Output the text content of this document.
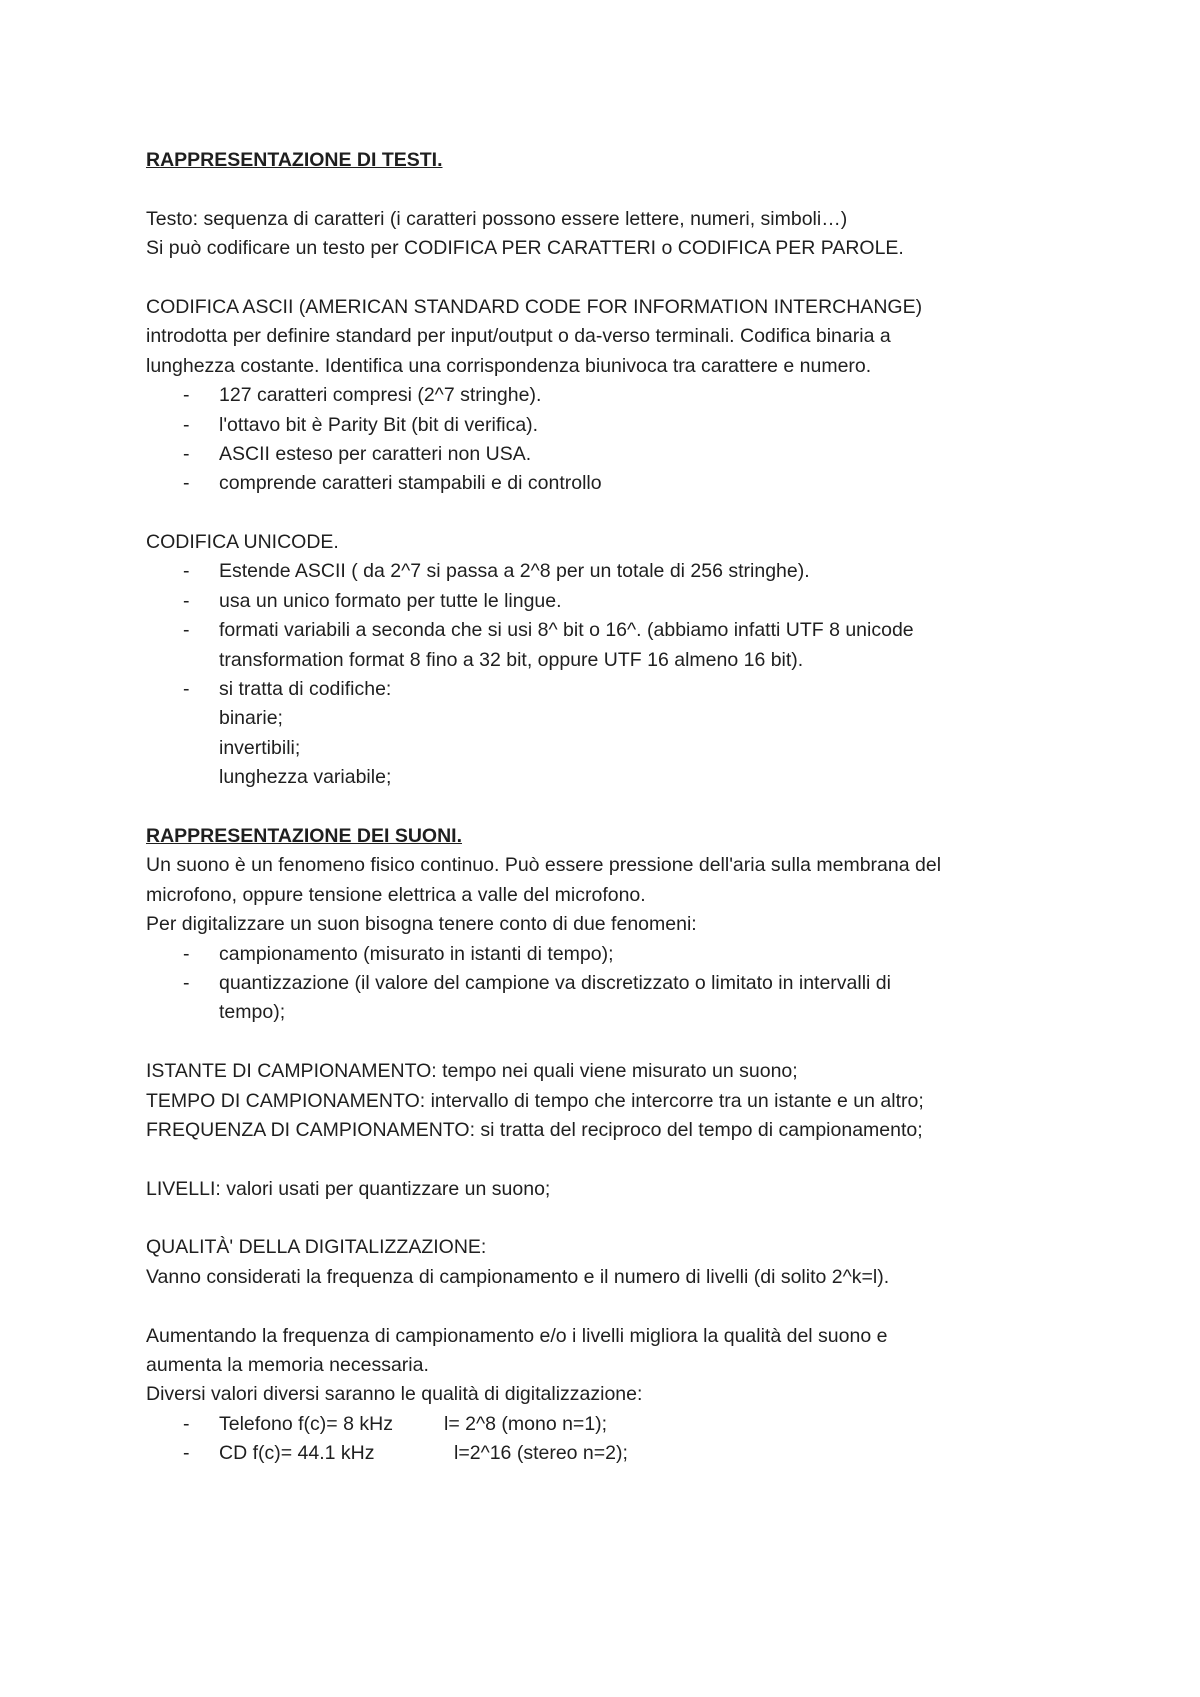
RAPPRESENTAZIONE DI TESTI.
Testo: sequenza di caratteri (i caratteri possono essere lettere, numeri, simboli…)
Si può codificare un testo per CODIFICA PER CARATTERI o CODIFICA PER PAROLE.
CODIFICA ASCII (AMERICAN STANDARD CODE FOR INFORMATION INTERCHANGE)
introdotta per definire standard per input/output o da-verso terminali. Codifica binaria a
lunghezza costante. Identifica una corrispondenza biunivoca tra carattere e numero.
- 127 caratteri compresi (2^7 stringhe).
- l'ottavo bit è Parity Bit (bit di verifica).
- ASCII esteso per caratteri non USA.
- comprende caratteri stampabili e di controllo
CODIFICA UNICODE.
- Estende ASCII ( da 2^7 si passa a 2^8 per un totale di 256 stringhe).
- usa un unico formato per tutte le lingue.
- formati variabili a seconda che si usi 8^ bit o 16^. (abbiamo infatti UTF 8 unicode
transformation format 8 fino a 32 bit, oppure UTF 16 almeno 16 bit).
- si tratta di codifiche:
binarie;
invertibili;
lunghezza variabile;
RAPPRESENTAZIONE DEI SUONI.
Un suono è un fenomeno fisico continuo. Può essere pressione dell'aria sulla membrana del
microfono, oppure tensione elettrica a valle del microfono.
Per digitalizzare un suon bisogna tenere conto di due fenomeni:
- campionamento (misurato in istanti di tempo);
- quantizzazione (il valore del campione va discretizzato o limitato in intervalli di
tempo);
ISTANTE DI CAMPIONAMENTO: tempo nei quali viene misurato un suono;
TEMPO DI CAMPIONAMENTO: intervallo di tempo che intercorre tra un istante e un altro;
FREQUENZA DI CAMPIONAMENTO: si tratta del reciproco del tempo di campionamento;
LIVELLI: valori usati per quantizzare un suono;
QUALITÀ' DELLA DIGITALIZZAZIONE:
Vanno considerati la frequenza di campionamento e il numero di livelli (di solito 2^k=l).
Aumentando la frequenza di campionamento e/o i livelli migliora la qualità del suono e
aumenta la memoria necessaria.
Diversi valori diversi saranno le qualità di digitalizzazione:
- Telefono f(c)= 8 kHz	l= 2^8 (mono n=1);
- CD f(c)= 44.1 kHz	l=2^16 (stereo n=2);
